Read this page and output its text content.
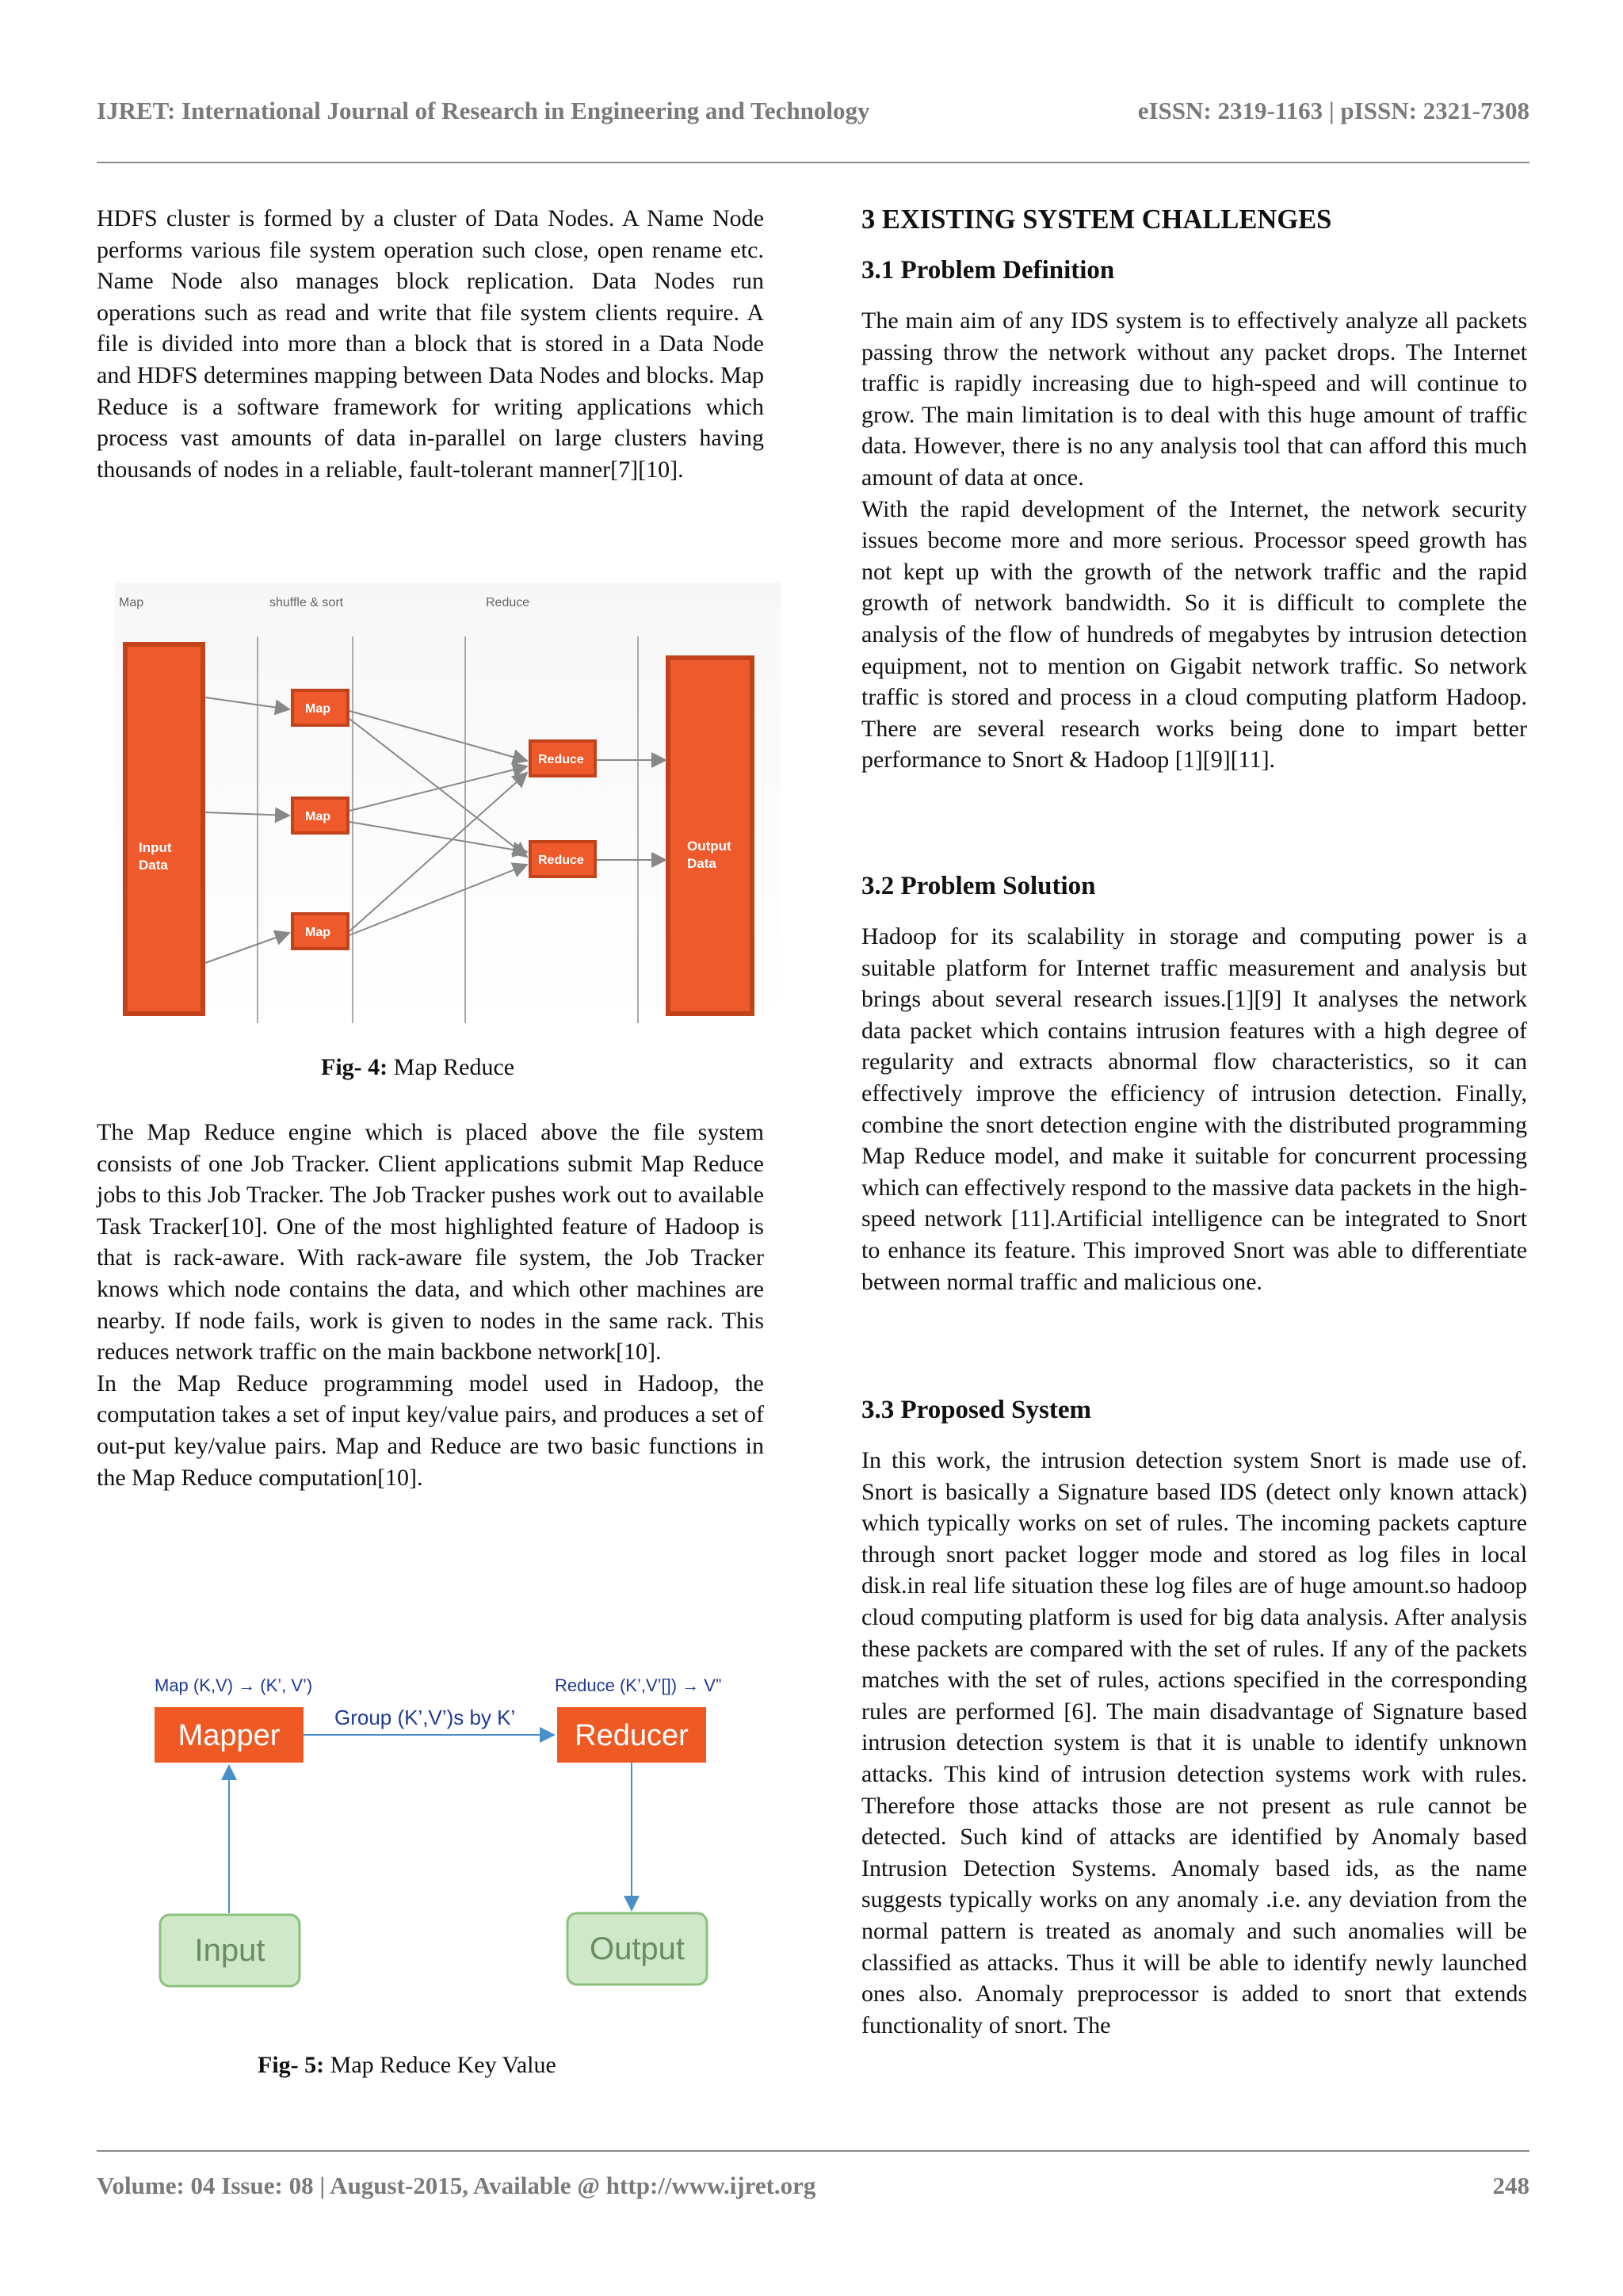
IJRET: International Journal of Research in Engineering and Technology	eISSN: 2319-1163 | pISSN: 2321-7308

HDFS cluster is formed by a cluster of Data Nodes. A Name Node performs various file system operation such close, open rename etc. Name Node also manages block replication. Data Nodes run operations such as read and write that file system clients require. A file is divided into more than a block that is stored in a Data Node and HDFS determines mapping between Data Nodes and blocks. Map Reduce is a software framework for writing applications which process vast amounts of data in-parallel on large clusters having thousands of nodes in a reliable, fault-tolerant manner[7][10].

Map	shuffle & sort	Reduce
Input
Data
Output
Data
Map
Map
Map
Reduce
Reduce
Fig- 4: Map Reduce

The Map Reduce engine which is placed above the file system consists of one Job Tracker. Client applications submit Map Reduce jobs to this Job Tracker. The Job Tracker pushes work out to available Task Tracker[10]. One of the most highlighted feature of Hadoop is that is rack-aware. With rack-aware file system, the Job Tracker knows which node contains the data, and which other machines are nearby. If node fails, work is given to nodes in the same rack. This reduces network traffic on the main backbone network[10].

In the Map Reduce programming model used in Hadoop, the computation takes a set of input key/value pairs, and produces a set of out-put key/value pairs. Map and Reduce are two basic functions in the Map Reduce computation[10].

Map (K,V) → (K’, V’)	Reduce (K’,V’[]) → V”
Mapper	Reducer
Group (K’,V’)s by K’
Input	Output
Fig- 5: Map Reduce Key Value
3 EXISTING SYSTEM CHALLENGES
3.1 Problem Definition

The main aim of any IDS system is to effectively analyze all packets passing throw the network without any packet drops. The Internet traffic is rapidly increasing due to high-speed and will continue to grow. The main limitation is to deal with this huge amount of traffic data. However, there is no any analysis tool that can afford this much amount of data at once.

With the rapid development of the Internet, the network security issues become more and more serious. Processor speed growth has not kept up with the growth of the network traffic and the rapid growth of network bandwidth. So it is difficult to complete the analysis of the flow of hundreds of megabytes by intrusion detection equipment, not to mention on Gigabit network traffic. So network traffic is stored and process in a cloud computing platform Hadoop. There are several research works being done to impart better performance to Snort & Hadoop [1][9][11].

3.2 Problem Solution

Hadoop for its scalability in storage and computing power is a suitable platform for Internet traffic measurement and analysis but brings about several research issues.[1][9] It analyses the network data packet which contains intrusion features with a high degree of regularity and extracts abnormal flow characteristics, so it can effectively improve the efficiency of intrusion detection. Finally, combine the snort detection engine with the distributed programming Map Reduce model, and make it suitable for concurrent processing which can effectively respond to the massive data packets in the high-speed network [11].Artificial intelligence can be integrated to Snort to enhance its feature. This improved Snort was able to differentiate between normal traffic and malicious one.

3.3 Proposed System

In this work, the intrusion detection system Snort is made use of. Snort is basically a Signature based IDS (detect only known attack) which typically works on set of rules. The incoming packets capture through snort packet logger mode and stored as log files in local disk.in real life situation these log files are of huge amount.so hadoop cloud computing platform is used for big data analysis. After analysis these packets are compared with the set of rules. If any of the packets matches with the set of rules, actions specified in the corresponding rules are performed [6]. The main disadvantage of Signature based intrusion detection system is that it is unable to identify unknown attacks. This kind of intrusion detection systems work with rules. Therefore those attacks those are not present as rule cannot be detected. Such kind of attacks are identified by Anomaly based Intrusion Detection Systems. Anomaly based ids, as the name suggests typically works on any anomaly .i.e. any deviation from the normal pattern is treated as anomaly and such anomalies will be classified as attacks. Thus it will be able to identify newly launched ones also. Anomaly preprocessor is added to snort that extends functionality of snort. The

Volume: 04 Issue: 08 | August-2015, Available @ http://www.ijret.org	248
